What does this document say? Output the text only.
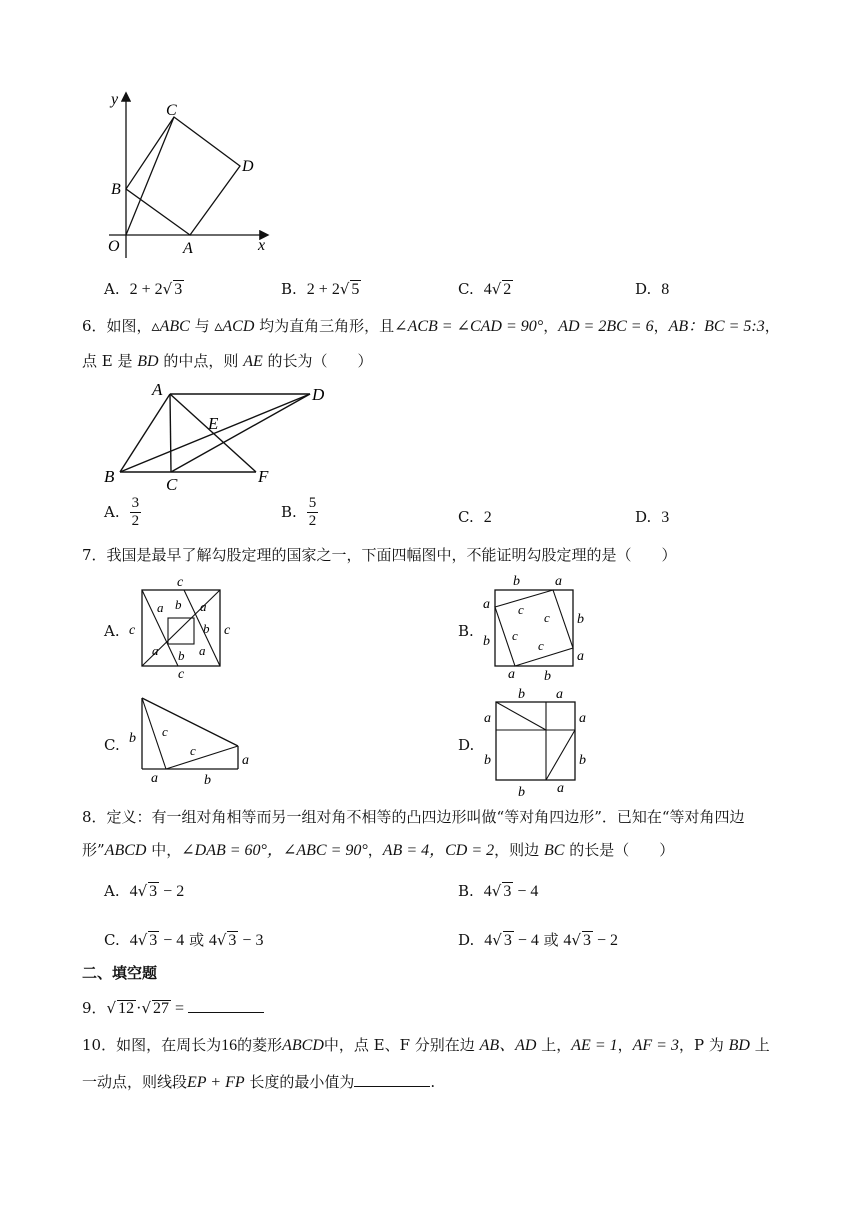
y
x
O	A
B
C
D
A. 2 + 2√ 3	B. 2 + 2√ 5	C. 4√ 2	D. 8
6．如图，▵ABC 与 ▵ACD 均为直角三角形，且∠ACB = ∠CAD = 90°，AD = 2BC = 6，AB：BC = 5:3，
点 E 是 BD 的中点，则 AE 的长为（　　）
A	D
E
B	C	F
A. $\frac{3}{2}$	B. $\frac{5}{2}$	C. 2	D. 3
7．我国是最早了解勾股定理的国家之一，下面四幅图中，不能证明勾股定理的是（　　）
A.
c
c
c	c
a b a
b
a b a
B.
b	a
a
b
b
a
a b
c
c
c
c
C. b c
c
a
a	b
D.
b a
a	a
b	b
b a
8．定义：有一组对角相等而另一组对角不相等的凸四边形叫做“等对角四边形”．已知在“等对角四边
形”ABCD 中，∠DAB = 60°，∠ABC = 90°，AB = 4，CD = 2，则边 BC 的长是（　　）
A. 4√ 3 − 2	B. 4√ 3 − 4
C. 4√ 3 − 4 或 4√ 3 − 3	D. 4√ 3 − 4 或 4√ 3 − 2
二、填空题
9．√ 12 ·√ 27 =
10．如图，在周长为16的菱形ABCD中，点 E、F 分别在边 AB、AD 上，AE = 1，AF = 3，P 为 BD 上
一动点，则线段EP + FP 长度的最小值为	.
